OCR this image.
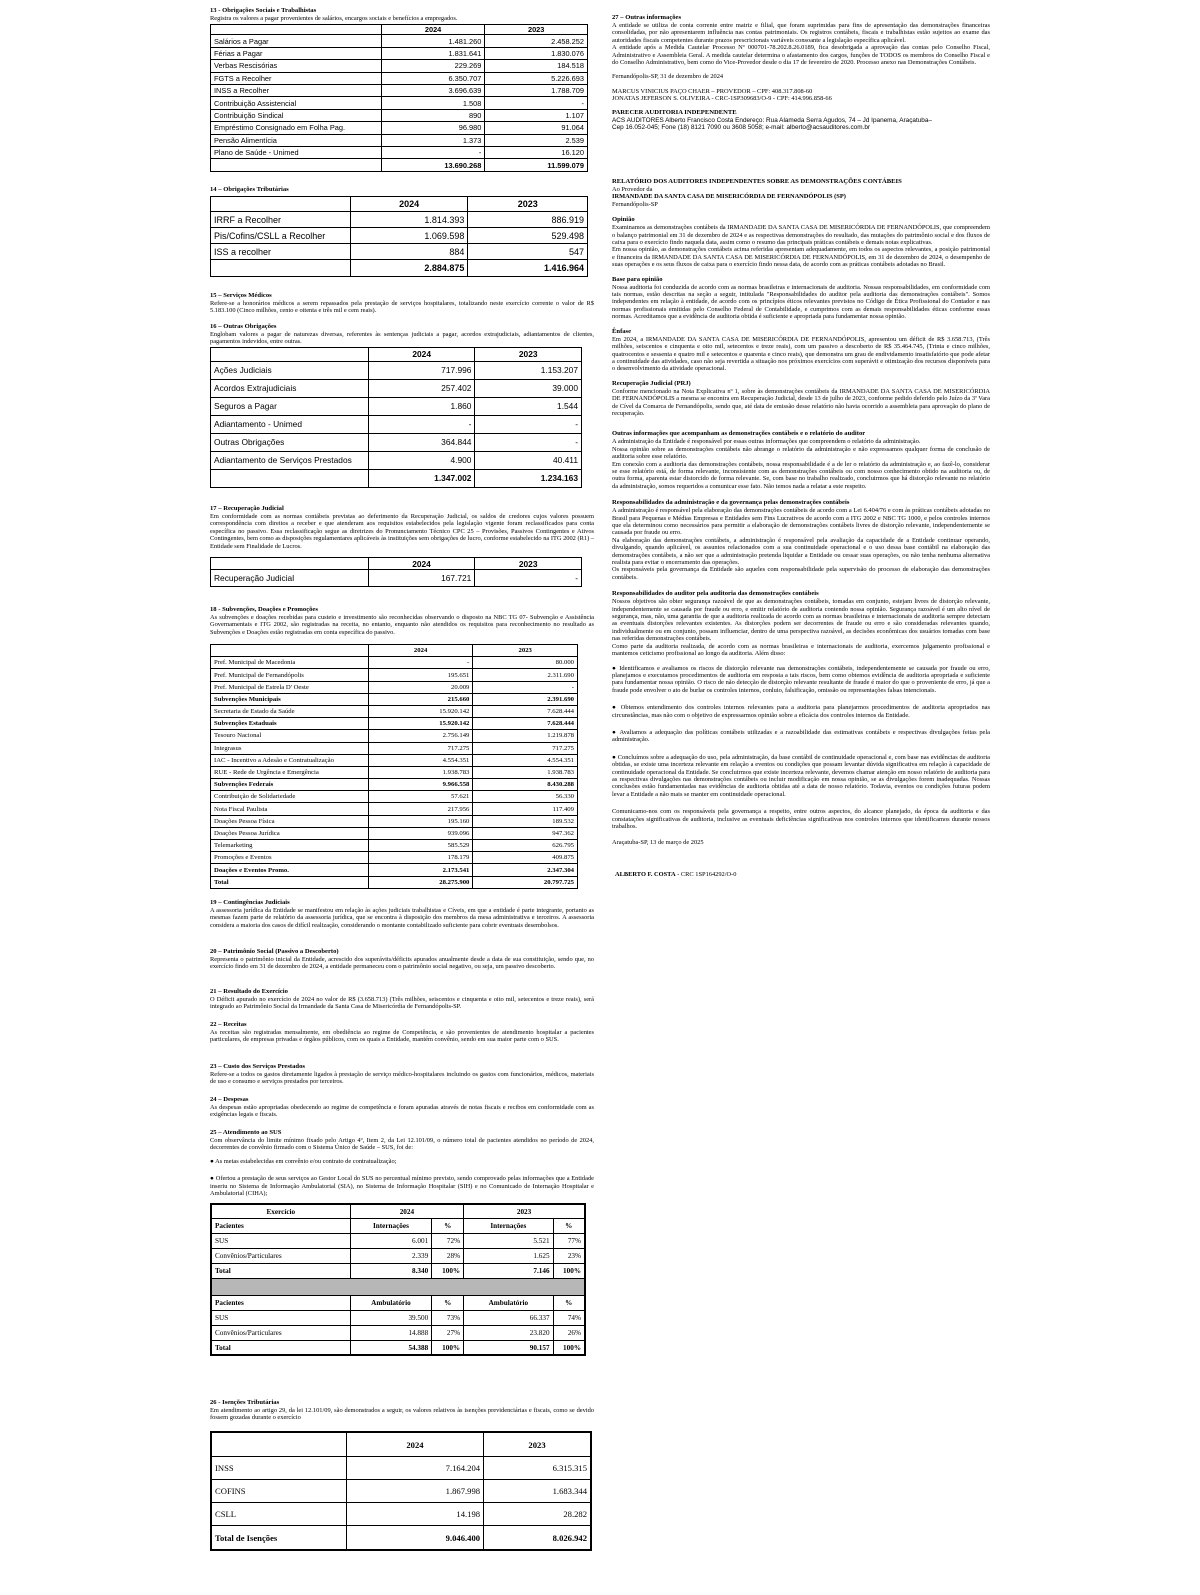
13 - Obrigações Sociais e Trabalhistas

Registra os valores a pagar provenientes de salários, encargos sociais e benefícios a empregados.

	2024	2023
Salários a Pagar	1.481.260	2.458.252
Férias a Pagar	1.831.641	1.830.076
Verbas Rescisórias	229.269	184.518
FGTS a Recolher	6.350.707	5.226.693
INSS a Recolher	3.696.639	1.788.709
Contribuição Assistencial	1.508	-
Contribuição Sindical	890	1.107
Empréstimo Consignado em Folha Pag.	96.980	91.064
Pensão Alimentícia	1.373	2.539
Plano de Saúde - Unimed	-	16.120
	13.690.268	11.599.079
14 – Obrigações Tributárias
	2024	2023
IRRF a Recolher	1.814.393	886.919
Pis/Cofins/CSLL a Recolher	1.069.598	529.498
ISS a recolher	884	547
	2.884.875	1.416.964
15 – Serviços Médicos

Refere-se a honorários médicos a serem repassados pela prestação de serviços hospitalares, totalizando neste exercício corrente o valor de R$ 5.183.100 (Cinco milhões, cento e oitenta e três mil e cem reais).

16 – Outras Obrigações

Englobam valores a pagar de naturezas diversas, referentes às sentenças judiciais a pagar, acordos extrajudiciais, adiantamentos de clientes, pagamentos indevidos, entre outras.

	2024	2023
Ações Judiciais	717.996	1.153.207
Acordos Extrajudiciais	257.402	39.000
Seguros a Pagar	1.860	1.544
Adiantamento - Unimed	-	-
Outras Obrigações	364.844	-
Adiantamento de Serviços Prestados	4.900	40.411
	1.347.002	1.234.163
17 – Recuperação Judicial

Em conformidade com as normas contábeis previstas ao deferimento da Recuperação Judicial, os saldos de credores cujos valores possuem correspondência com direitos a receber e que atenderam aos requisitos estabelecidos pela legislação vigente foram reclassificados para conta específica no passivo. Essa reclassificação segue as diretrizes do Pronunciamento Técnico CPC 25 – Provisões, Passivos Contingentes e Ativos Contingentes, bem como as disposições regulamentares aplicáveis às instituições sem obrigações de lucro, conforme estabelecido na ITG 2002 (R1) – Entidade sem Finalidade de Lucros.

	2024	2023
Recuperação Judicial	167.721	-
18 - Subvenções, Doações e Promoções

As subvenções e doações recebidas para custeio e investimento são reconhecidas observando o disposto na NBC TG 07- Subvenção e Assistência Governamentais e ITG 2002, são registradas na receita, no entanto, enquanto não atendidos os requisitos para reconhecimento no resultado as Subvenções e Doações estão registradas em conta específica do passivo.

	2024	2023
Pref. Municipal de Macedonia	-	80.000
Pref. Municipal de Fernandópolis	195.651	2.311.690
Pref. Municipal de Estrela D' Oeste	20.009	-
Subvenções Municipais	215.660	2.391.690
Secretaria de Estado da Saúde	15.920.142	7.628.444
Subvenções Estaduais	15.920.142	7.628.444
Tesouro Nacional	2.756.149	1.219.878
Integrasus	717.275	717.275
IAC - Incentivo a Adesão e Contratualização	4.554.351	4.554.351
RUE - Rede de Urgência e Emergência	1.938.783	1.938.783
Subvenções Federais	9.966.558	8.430.288
Contribuição de Solidariedade	57.621	56.330
Nota Fiscal Paulista	217.956	117.409
Doações Pessoa Física	195.160	189.532
Doações Pessoa Jurídica	939.096	947.362
Telemarketing	585.529	626.795
Promoções e Eventos	178.179	409.875
Doações e Eventos Promo.	2.173.541	2.347.304
Total	28.275.900	20.797.725
19 – Contingências Judiciais

A assessoria jurídica da Entidade se manifestou em relação às ações judiciais trabalhistas e Cíveis, em que a entidade é parte integrante, portanto as mesmas fazem parte de relatório da assessoria jurídica, que se encontra à disposição dos membros da mesa administrativa e terceiros. A assessoria considera a maioria dos casos de difícil realização, considerando o montante contabilizado suficiente para cobrir eventuais desembolsos.

20 – Patrimônio Social (Passivo a Descoberto)

Representa o patrimônio inicial da Entidade, acrescido dos superávits/déficits apurados anualmente desde a data de sua constituição, sendo que, no exercício findo em 31 de dezembro de 2024, a entidade permaneceu com o patrimônio social negativo, ou seja, um passivo descoberto.

21 – Resultado do Exercício

O Déficit apurado no exercício de 2024 no valor de R$ (3.658.713) (Três milhões, seiscentos e cinquenta e oito mil, setecentos e treze reais), será integrado ao Patrimônio Social da Irmandade da Santa Casa de Misericórdia de Fernandópolis-SP.

22 – Receitas

As receitas são registradas mensalmente, em obediência ao regime de Competência, e são provenientes de atendimento hospitalar a pacientes particulares, de empresas privadas e órgãos públicos, com os quais a Entidade, mantém convênio, sendo em sua maior parte com o SUS.

23 – Custo dos Serviços Prestados

Refere-se a todos os gastos diretamente ligados à prestação de serviço médico-hospitalares incluindo os gastos com funcionários, médicos, materiais de uso e consumo e serviços prestados por terceiros.

24 – Despesas

As despesas estão apropriadas obedecendo ao regime de competência e foram apuradas através de notas fiscais e recibos em conformidade com as exigências legais e fiscais.

25 – Atendimento ao SUS

Com observância do limite mínimo fixado pelo Artigo 4º, Item 2, da Lei 12.101/09, o número total de pacientes atendidos no período de 2024, decorrentes de convênio firmado com o Sistema Único de Saúde – SUS, foi de:

● As metas estabelecidas em convênio e/ou contrato de contratualização;

● Ofertou a prestação de seus serviços ao Gestor Local do SUS no percentual mínimo previsto, sendo comprovado pelas informações que a Entidade inseriu no Sistema de Informação Ambulatorial (SIA), no Sistema de Informação Hospitalar (SIH) e no Comunicado de Internação Hospitalar e Ambulatorial (CIHA);

Exercício	2024		2023	
Pacientes	Internações	%	Internações	%
SUS	6.001	72%	5.521	77%
Convênios/Particulares	2.339	28%	1.625	23%
Total	8.340	100%	7.146	100%

Pacientes	Ambulatório	%	Ambulatório	%
SUS	39.500	73%	66.337	74%
Convênios/Particulares	14.888	27%	23.820	26%
Total	54.388	100%	90.157	100%
26 - Isenções Tributárias

Em atendimento ao artigo 29, da lei 12.101/09, são demonstrados a seguir, os valores relativos às isenções previdenciárias e fiscais, como se devido fossem gozadas durante o exercício

	2024	2023
INSS	7.164.204	6.315.315
COFINS	1.867.998	1.683.344
CSLL	14.198	28.282
Total de Isenções	9.046.400	8.026.942
27 – Outras informações

A entidade se utiliza de conta corrente entre matriz e filial, que foram suprimidas para fins de apresentação das demonstrações financeiras consolidadas, por não apresentarem influência nas contas patrimoniais. Os registros contábeis, fiscais e trabalhistas estão sujeitos ao exame das autoridades fiscais competentes durante prazos prescricionais variáveis consoante a legislação específica aplicável.

A entidade após a Medida Cautelar Processo Nº 000701-78.202.8.26.0189, fica desobrigada a aprovação das contas pelo Conselho Fiscal, Administrativo e Assembleia Geral. A medida cautelar determina o afastamento dos cargos, funções de TODOS os membros do Conselho Fiscal e do Conselho Administrativo, bem como do Vice-Provedor desde o dia 17 de fevereiro de 2020. Processo anexo nas Demonstrações Contábeis.

Fernandópolis-SP, 31 de dezembro de 2024

MARCUS VINICIUS PAÇO CHAER – PROVEDOR – CPF: 408.317.808-60

JONATAS JEFERSON S. OLIVEIRA - CRC-1SP309683/O-9 - CPF: 414.996.858-66

PARECER AUDITORIA INDEPENDENTE

ACS AUDITORES Alberto Francisco Costa Endereço: Rua Alameda Serra Agudos, 74 – Jd Ipanema, Araçatuba–

Cep 16.052-045; Fone (18) 8121 7090 ou 3608 5058; e-mail: alberto@acsauditores.com.br

RELATÓRIO DOS AUDITORES INDEPENDENTES SOBRE AS DEMONSTRAÇÕES CONTÁBEIS

Ao Provedor da

IRMANDADE DA SANTA CASA DE MISERICÓRDIA DE FERNANDÓPOLIS (SP)

Fernandópolis-SP

Opinião

Examinamos as demonstrações contábeis da IRMANDADE DA SANTA CASA DE MISERICÓRDIA DE FERNANDÓPOLIS, que compreendem o balanço patrimonial em 31 de dezembro de 2024 e as respectivas demonstrações do resultado, das mutações do patrimônio social e dos fluxos de caixa para o exercício findo naquela data, assim como o resumo das principais práticas contábeis e demais notas explicativas.

Em nossa opinião, as demonstrações contábeis acima referidas apresentam adequadamente, em todos os aspectos relevantes, a posição patrimonial e financeira da IRMANDADE DA SANTA CASA DE MISERICÓRDIA DE FERNANDÓPOLIS, em 31 de dezembro de 2024, o desempenho de suas operações e os seus fluxos de caixa para o exercício findo nessa data, de acordo com as práticas contábeis adotadas no Brasil.

Base para opinião

Nossa auditoria foi conduzida de acordo com as normas brasileiras e internacionais de auditoria. Nossas responsabilidades, em conformidade com tais normas, estão descritas na seção a seguir, intitulada "Responsabilidades do auditor pela auditoria das demonstrações contábeis". Somos independentes em relação à entidade, de acordo com os princípios éticos relevantes previstos no Código de Ética Profissional do Contador e nas normas profissionais emitidas pelo Conselho Federal de Contabilidade, e cumprimos com as demais responsabilidades éticas conforme essas normas. Acreditamos que a evidência de auditoria obtida é suficiente e apropriada para fundamentar nossa opinião.

Ênfase

Em 2024, a IRMANDADE DA SANTA CASA DE MISERICÓRDIA DE FERNANDÓPOLIS, apresentou um déficit de R$ 3.658.713, (Três milhões, seiscentos e cinquenta e oito mil, setecentos e treze reais), com um passivo a descoberto de R$ 35.464.745, (Trinta e cinco milhões, quatrocentos e sessenta e quatro mil e setecentos e quarenta e cinco reais), que demonstra um grau de endividamento insatisfatório que pode afetar a continuidade das atividades, caso não seja revertida a situação nos próximos exercícios com superávit e otimização dos recursos disponíveis para o desenvolvimento da atividade operacional.

Recuperação Judicial (PRJ)

Conforme mencionado na Nota Explicativa nº 1, sobre às demonstrações contábeis da IRMANDADE DA SANTA CASA DE MISERICÓRDIA DE FERNANDÓPOLIS a mesma se encontra em Recuperação Judicial, desde 13 de julho de 2023, conforme pedido deferido pelo Juízo da 3ª Vara de Cível da Comarca de Fernandópolis, sendo que, até data de emissão desse relatório não havia ocorrido a assembleia para aprovação do plano de recuperação.

Outras informações que acompanham as demonstrações contábeis e o relatório do auditor

A administração da Entidade é responsável por essas outras informações que compreendem o relatório da administração.

Nossa opinião sobre as demonstrações contábeis não abrange o relatório da administração e não expressamos qualquer forma de conclusão de auditoria sobre esse relatório.

Em conexão com a auditoria das demonstrações contábeis, nossa responsabilidade é a de ler o relatório da administração e, ao fazê-lo, considerar se esse relatório está, de forma relevante, inconsistente com as demonstrações contábeis ou com nosso conhecimento obtido na auditoria ou, de outra forma, aparenta estar distorcido de forma relevante. Se, com base no trabalho realizado, concluirmos que há distorção relevante no relatório da administração, somos requeridos a comunicar esse fato. Não temos nada a relatar a este respeito.

Responsabilidades da administração e da governança pelas demonstrações contábeis

A administração é responsável pela elaboração das demonstrações contábeis de acordo com a Lei 6.404/76 e com às práticas contábeis adotadas no Brasil para Pequenas e Médias Empresas e Entidades sem Fins Lucrativos de acordo com a ITG 2002 e NBC TG 1000, e pelos controles internos que ela determinou como necessários para permitir a elaboração de demonstrações contábeis livres de distorção relevante, independentemente se causada por fraude ou erro.

Na elaboração das demonstrações contábeis, a administração é responsável pela avaliação da capacidade de a Entidade continuar operando, divulgando, quando aplicável, os assuntos relacionados com a sua continuidade operacional e o uso dessa base contábil na elaboração das demonstrações contábeis, a não ser que a administração pretenda liquidar a Entidade ou cessar suas operações, ou não tenha nenhuma alternativa realista para evitar o encerramento das operações.

Os responsáveis pela governança da Entidade são aqueles com responsabilidade pela supervisão do processo de elaboração das demonstrações contábeis.

Responsabilidades do auditor pela auditoria das demonstrações contábeis

Nossos objetivos são obter segurança razoável de que as demonstrações contábeis, tomadas em conjunto, estejam livres de distorção relevante, independentemente se causada por fraude ou erro, e emitir relatório de auditoria contendo nossa opinião. Segurança razoável é um alto nível de segurança, mas, não, uma garantia de que a auditoria realizada de acordo com as normas brasileiras e internacionais de auditoria sempre detectam as eventuais distorções relevantes existentes. As distorções podem ser decorrentes de fraude ou erro e são consideradas relevantes quando, individualmente ou em conjunto, possam influenciar, dentro de uma perspectiva razoável, as decisões econômicas dos usuários tomadas com base nas referidas demonstrações contábeis.

Como parte da auditoria realizada, de acordo com as normas brasileiras e internacionais de auditoria, exercemos julgamento profissional e mantemos ceticismo profissional ao longo da auditoria. Além disso:

● Identificamos e avaliamos os riscos de distorção relevante nas demonstrações contábeis, independentemente se causada por fraude ou erro, planejamos e executamos procedimentos de auditoria em resposta a tais riscos, bem como obtemos evidência de auditoria apropriada e suficiente para fundamentar nossa opinião. O risco de não detecção de distorção relevante resultante de fraude é maior do que o proveniente de erro, já que a fraude pode envolver o ato de burlar os controles internos, conluio, falsificação, omissão ou representações falsas intencionais.

● Obtemos entendimento dos controles internos relevantes para a auditoria para planejarmos procedimentos de auditoria apropriados nas circunstâncias, mas não com o objetivo de expressarmos opinião sobre a eficácia dos controles internos da Entidade.

● Avaliamos a adequação das políticas contábeis utilizadas e a razoabilidade das estimativas contábeis e respectivas divulgações feitas pela administração.

● Concluímos sobre a adequação do uso, pela administração, da base contábil de continuidade operacional e, com base nas evidências de auditoria obtidas, se existe uma incerteza relevante em relação a eventos ou condições que possam levantar dúvida significativa em relação à capacidade de continuidade operacional da Entidade. Se concluirmos que existe incerteza relevante, devemos chamar atenção em nosso relatório de auditoria para as respectivas divulgações nas demonstrações contábeis ou incluir modificação em nossa opinião, se as divulgações forem inadequadas. Nossas conclusões estão fundamentadas nas evidências de auditoria obtidas até a data de nosso relatório. Todavia, eventos ou condições futuras podem levar a Entidade a não mais se manter em continuidade operacional.

Comunicamo-nos com os responsáveis pela governança a respeito, entre outros aspectos, do alcance planejado, da época da auditoria e das constatações significativas de auditoria, inclusive as eventuais deficiências significativas nos controles internos que identificamos durante nossos trabalhos.

Araçatuba-SP, 13 de março de 2025

ALBERTO F. COSTA - CRC 1SP164292/O-0
